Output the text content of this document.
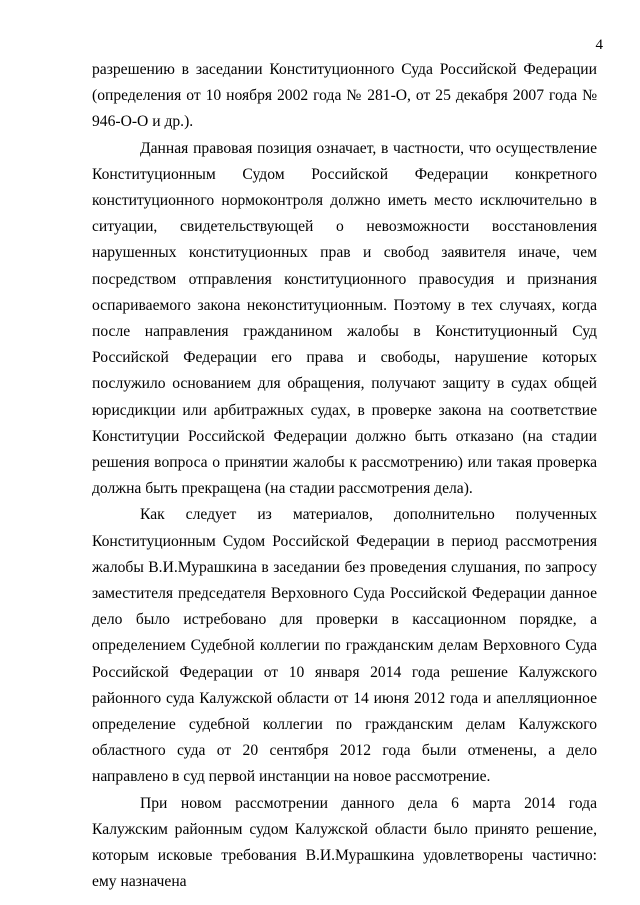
4

разрешению в заседании Конституционного Суда Российской Федерации (определения от 10 ноября 2002 года № 281-О, от 25 декабря 2007 года № 946-О-О и др.).

Данная правовая позиция означает, в частности, что осуществление Конституционным Судом Российской Федерации конкретного конституционного нормоконтроля должно иметь место исключительно в ситуации, свидетельствующей о невозможности восстановления нарушенных конституционных прав и свобод заявителя иначе, чем посредством отправления конституционного правосудия и признания оспариваемого закона неконституционным. Поэтому в тех случаях, когда после направления гражданином жалобы в Конституционный Суд Российской Федерации его права и свободы, нарушение которых послужило основанием для обращения, получают защиту в судах общей юрисдикции или арбитражных судах, в проверке закона на соответствие Конституции Российской Федерации должно быть отказано (на стадии решения вопроса о принятии жалобы к рассмотрению) или такая проверка должна быть прекращена (на стадии рассмотрения дела).

Как следует из материалов, дополнительно полученных Конституционным Судом Российской Федерации в период рассмотрения жалобы В.И.Мурашкина в заседании без проведения слушания, по запросу заместителя председателя Верховного Суда Российской Федерации данное дело было истребовано для проверки в кассационном порядке, а определением Судебной коллегии по гражданским делам Верховного Суда Российской Федерации от 10 января 2014 года решение Калужского районного суда Калужской области от 14 июня 2012 года и апелляционное определение судебной коллегии по гражданским делам Калужского областного суда от 20 сентября 2012 года были отменены, а дело направлено в суд первой инстанции на новое рассмотрение.

При новом рассмотрении данного дела 6 марта 2014 года Калужским районным судом Калужской области было принято решение, которым исковые требования В.И.Мурашкина удовлетворены частично: ему назначена
